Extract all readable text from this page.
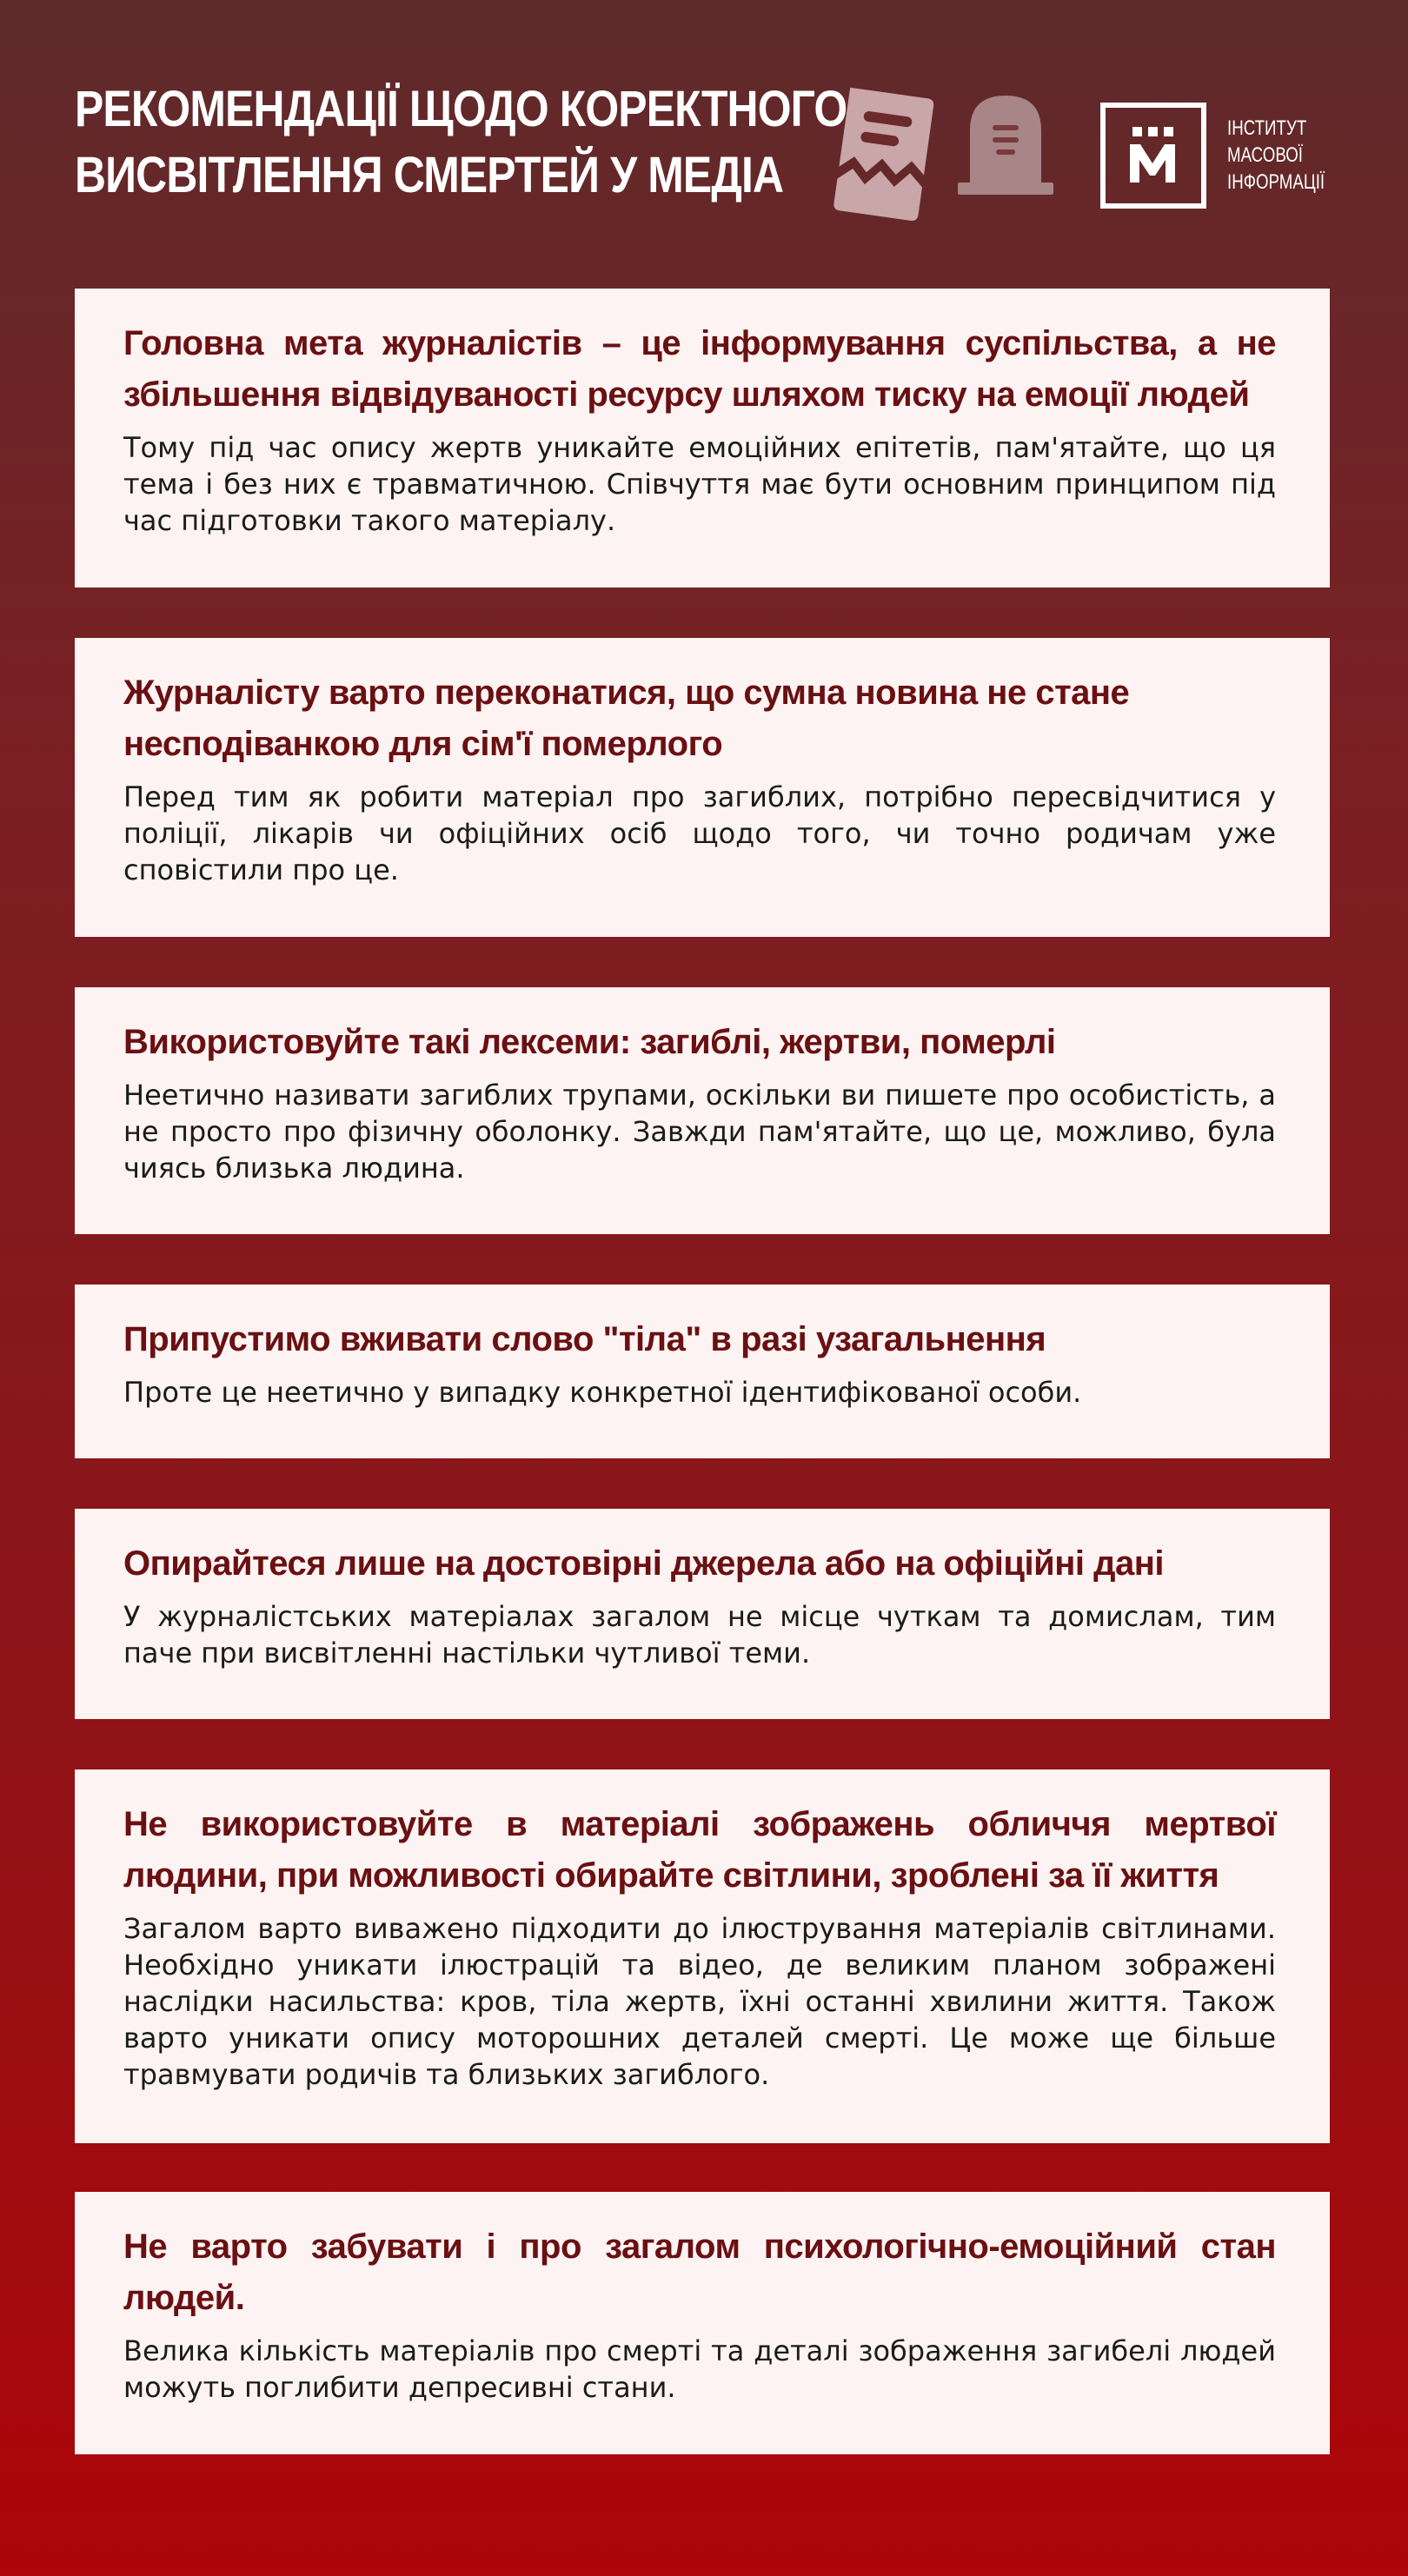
РЕКОМЕНДАЦІЇ ЩОДО КОРЕКТНОГО
ВИСВІТЛЕННЯ СМЕРТЕЙ У МЕДІА
ІНСТИТУТ
МАСОВОЇ
ІНФОРМАЦІЇ
Головна мета журналістів – це інформування суспільства, а не збільшення відвідуваності ресурсу шляхом тиску на емоції людей

Тому під час опису жертв уникайте емоційних епітетів, пам'ятайте, що ця тема і без них є травматичною. Співчуття має бути основним принципом під час підготовки такого матеріалу.

Журналісту варто переконатися, що сумна новина не стане несподіванкою для сім'ї померлого

Перед тим як робити матеріал про загиблих, потрібно пересвідчитися у поліції, лікарів чи офіційних осіб щодо того, чи точно родичам уже сповістили про це.

Використовуйте такі лексеми: загиблі, жертви, померлі

Неетично називати загиблих трупами, оскільки ви пишете про особистість, а не просто про фізичну оболонку. Завжди пам'ятайте, що це, можливо, була чиясь близька людина.

Припустимо вживати слово "тіла" в разі узагальнення

Проте це неетично у випадку конкретної ідентифікованої особи.

Опирайтеся лише на достовірні джерела або на офіційні дані

У журналістських матеріалах загалом не місце чуткам та домислам, тим паче при висвітленні настільки чутливої теми.

Не використовуйте в матеріалі зображень обличчя мертвої людини, при можливості обирайте світлини, зроблені за її життя

Загалом варто виважено підходити до ілюстрування матеріалів світлинами. Необхідно уникати ілюстрацій та відео, де великим планом зображені наслідки насильства: кров, тіла жертв, їхні останні хвилини життя. Також варто уникати опису моторошних деталей смерті. Це може ще більше травмувати родичів та близьких загиблого.

Не варто забувати і про загалом психологічно-емоційний стан людей.

Велика кількість матеріалів про смерті та деталі зображення загибелі людей можуть поглибити депресивні стани.
